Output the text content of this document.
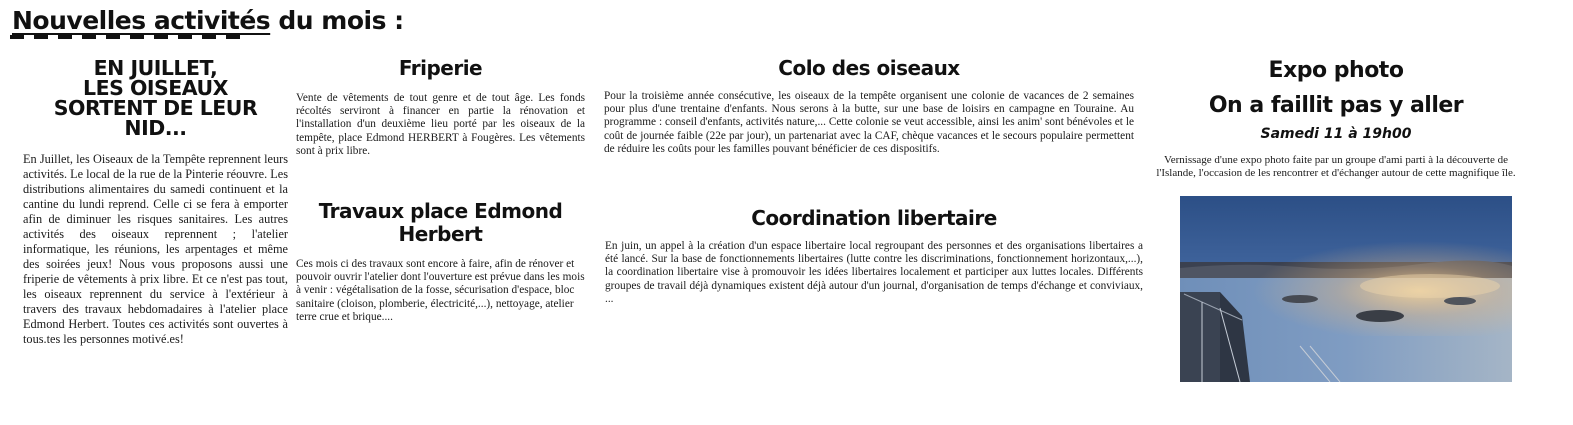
Nouvelles activités du mois :
EN JUILLET,
LES OISEAUX
SORTENT DE LEUR
NID...

En Juillet, les Oiseaux de la Tempête reprennent leurs activités. Le local de la rue de la Pinterie réouvre. Les distributions alimentaires du samedi continuent et la cantine du lundi reprend. Celle ci se fera à emporter afin de diminuer les risques sanitaires. Les autres activités des oiseaux reprennent ; l'atelier informatique, les réunions, les arpentages et même des soirées jeux! Nous vous proposons aussi une friperie de vêtements à prix libre. Et ce n'est pas tout, les oiseaux reprennent du service à l'extérieur à travers des travaux hebdomadaires à l'atelier place Edmond Herbert. Toutes ces activités sont ouvertes à tous.tes les personnes motivé.es!

Friperie

Vente de vêtements de tout genre et de tout âge. Les fonds récoltés serviront à financer en partie la rénovation et l'installation d'un deuxième lieu porté par les oiseaux de la tempête, place Edmond HERBERT à Fougères. Les vêtements sont à prix libre.

Travaux place Edmond
Herbert

Ces mois ci des travaux sont encore à faire, afin de rénover et pouvoir ouvrir l'atelier dont l'ouverture est prévue dans les mois à venir : végétalisation de la fosse, sécurisation d'espace, bloc sanitaire (cloison, plomberie, électricité,...), nettoyage, atelier terre crue et brique....

Colo des oiseaux

Pour la troisième année consécutive, les oiseaux de la tempête organisent une colonie de vacances de 2 semaines pour plus d'une trentaine d'enfants. Nous serons à la butte, sur une base de loisirs en campagne en Touraine. Au programme : conseil d'enfants, activités nature,... Cette colonie se veut accessible, ainsi les anim' sont bénévoles et le coût de journée faible (22e par jour), un partenariat avec la CAF, chèque vacances et le secours populaire permettent de réduire les coûts pour les familles pouvant bénéficier de ces dispositifs.

Coordination libertaire

En juin, un appel à la création d'un espace libertaire local regroupant des personnes et des organisations libertaires a été lancé. Sur la base de fonctionnements libertaires (lutte contre les discriminations, fonctionnement horizontaux,...), la coordination libertaire vise à promouvoir les idées libertaires localement et participer aux luttes locales. Différents groupes de travail déjà dynamiques existent déjà autour d'un journal, d'organisation de temps d'échange et conviviaux, ...

Expo photo
On a faillit pas y aller

Samedi 11 à 19h00

Vernissage d'une expo photo faite par un groupe d'ami parti à la découverte de l'Islande, l'occasion de les rencontrer et d'échanger autour de cette magnifique île.
